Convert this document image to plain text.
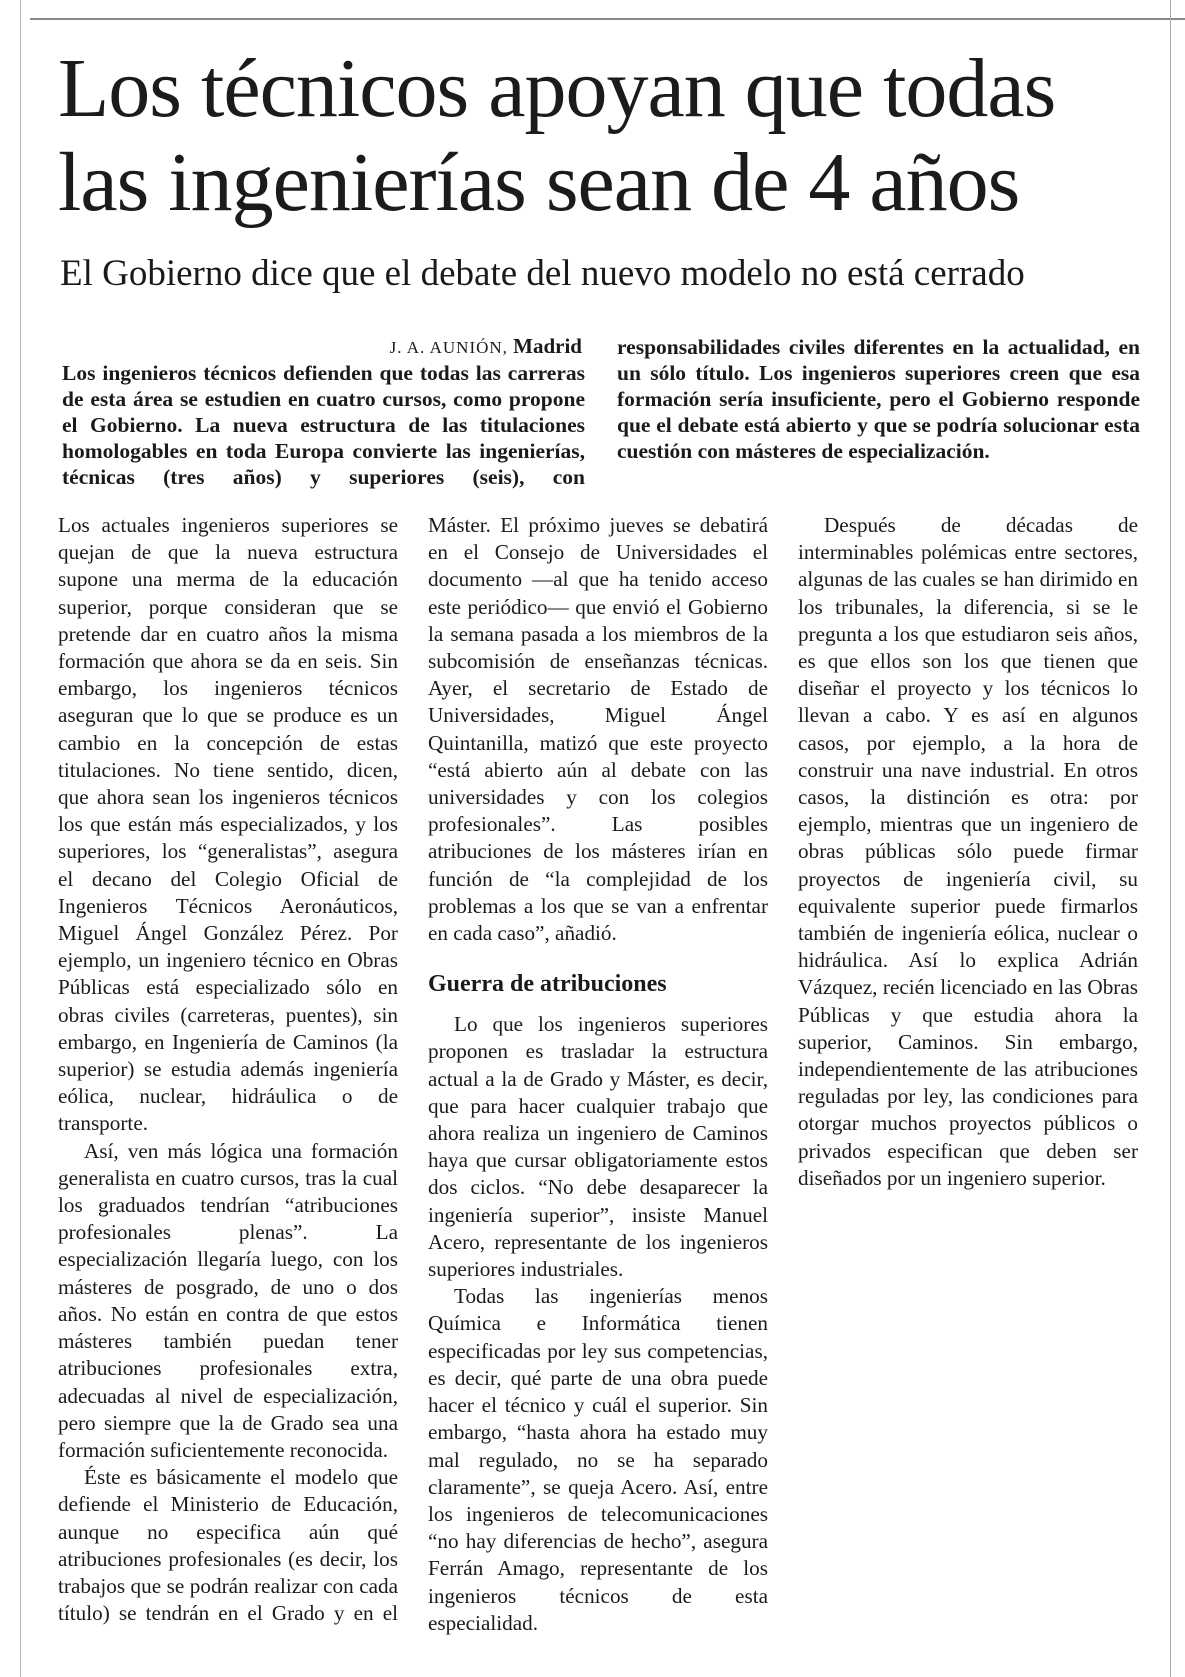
Los técnicos apoyan que todas
las ingenierías sean de 4 años
El Gobierno dice que el debate del nuevo modelo no está cerrado
J. A. AUNIÓN, Madrid
Los ingenieros técnicos defienden que todas las carreras de esta área se estudien en cuatro cursos, como propone el Gobierno. La nueva estructura de las titulaciones homologables en toda Europa convierte las ingenierías, técnicas (tres años) y superiores (seis), con responsabilidades civiles diferentes en la actualidad, en un sólo título. Los ingenieros superiores creen que esa formación sería insuficiente, pero el Gobierno responde que el debate está abierto y que se podría solucionar esta cuestión con másteres de especialización.

Los actuales ingenieros superiores se quejan de que la nueva estructura supone una merma de la educación superior, porque consideran que se pretende dar en cuatro años la misma formación que ahora se da en seis. Sin embargo, los ingenieros técnicos aseguran que lo que se produce es un cambio en la concepción de estas titulaciones. No tiene sentido, dicen, que ahora sean los ingenieros técnicos los que están más especializados, y los superiores, los “generalistas”, asegura el decano del Colegio Oficial de Ingenieros Técnicos Aeronáuticos, Miguel Ángel González Pérez. Por ejemplo, un ingeniero técnico en Obras Públicas está especializado sólo en obras civiles (carreteras, puentes), sin embargo, en Ingeniería de Caminos (la superior) se estudia además ingeniería eólica, nuclear, hidráulica o de transporte.

Así, ven más lógica una formación generalista en cuatro cursos, tras la cual los graduados tendrían “atribuciones profesionales plenas”. La especialización llegaría luego, con los másteres de posgrado, de uno o dos años. No están en contra de que estos másteres también puedan tener atribuciones profesionales extra, adecuadas al nivel de especialización, pero siempre que la de Grado sea una formación suficientemente reconocida.

Éste es básicamente el modelo que defiende el Ministerio de Educación, aunque no especifica aún qué atribuciones profesionales (es decir, los trabajos que se podrán realizar con cada título) se tendrán en el Grado y en el Máster. El próximo jueves se debatirá en el Consejo de Universidades el documento —al que ha tenido acceso este periódico— que envió el Gobierno la semana pasada a los miembros de la subcomisión de enseñanzas técnicas. Ayer, el secretario de Estado de Universidades, Miguel Ángel Quintanilla, matizó que este proyecto “está abierto aún al debate con las universidades y con los colegios profesionales”. Las posibles atribuciones de los másteres irían en función de “la complejidad de los problemas a los que se van a enfrentar en cada caso”, añadió.

Guerra de atribuciones

Lo que los ingenieros superiores proponen es trasladar la estructura actual a la de Grado y Máster, es decir, que para hacer cualquier trabajo que ahora realiza un ingeniero de Caminos haya que cursar obligatoriamente estos dos ciclos. “No debe desaparecer la ingeniería superior”, insiste Manuel Acero, representante de los ingenieros superiores industriales.

Todas las ingenierías menos Química e Informática tienen especificadas por ley sus competencias, es decir, qué parte de una obra puede hacer el técnico y cuál el superior. Sin embargo, “hasta ahora ha estado muy mal regulado, no se ha separado claramente”, se queja Acero. Así, entre los ingenieros de telecomunicaciones “no hay diferencias de hecho”, asegura Ferrán Amago, representante de los ingenieros técnicos de esta especialidad.

Después de décadas de interminables polémicas entre sectores, algunas de las cuales se han dirimido en los tribunales, la diferencia, si se le pregunta a los que estudiaron seis años, es que ellos son los que tienen que diseñar el proyecto y los técnicos lo llevan a cabo. Y es así en algunos casos, por ejemplo, a la hora de construir una nave industrial. En otros casos, la distinción es otra: por ejemplo, mientras que un ingeniero de obras públicas sólo puede firmar proyectos de ingeniería civil, su equivalente superior puede firmarlos también de ingeniería eólica, nuclear o hidráulica. Así lo explica Adrián Vázquez, recién licenciado en las Obras Públicas y que estudia ahora la superior, Caminos. Sin embargo, independientemente de las atribuciones reguladas por ley, las condiciones para otorgar muchos proyectos públicos o privados especifican que deben ser diseñados por un ingeniero superior.
